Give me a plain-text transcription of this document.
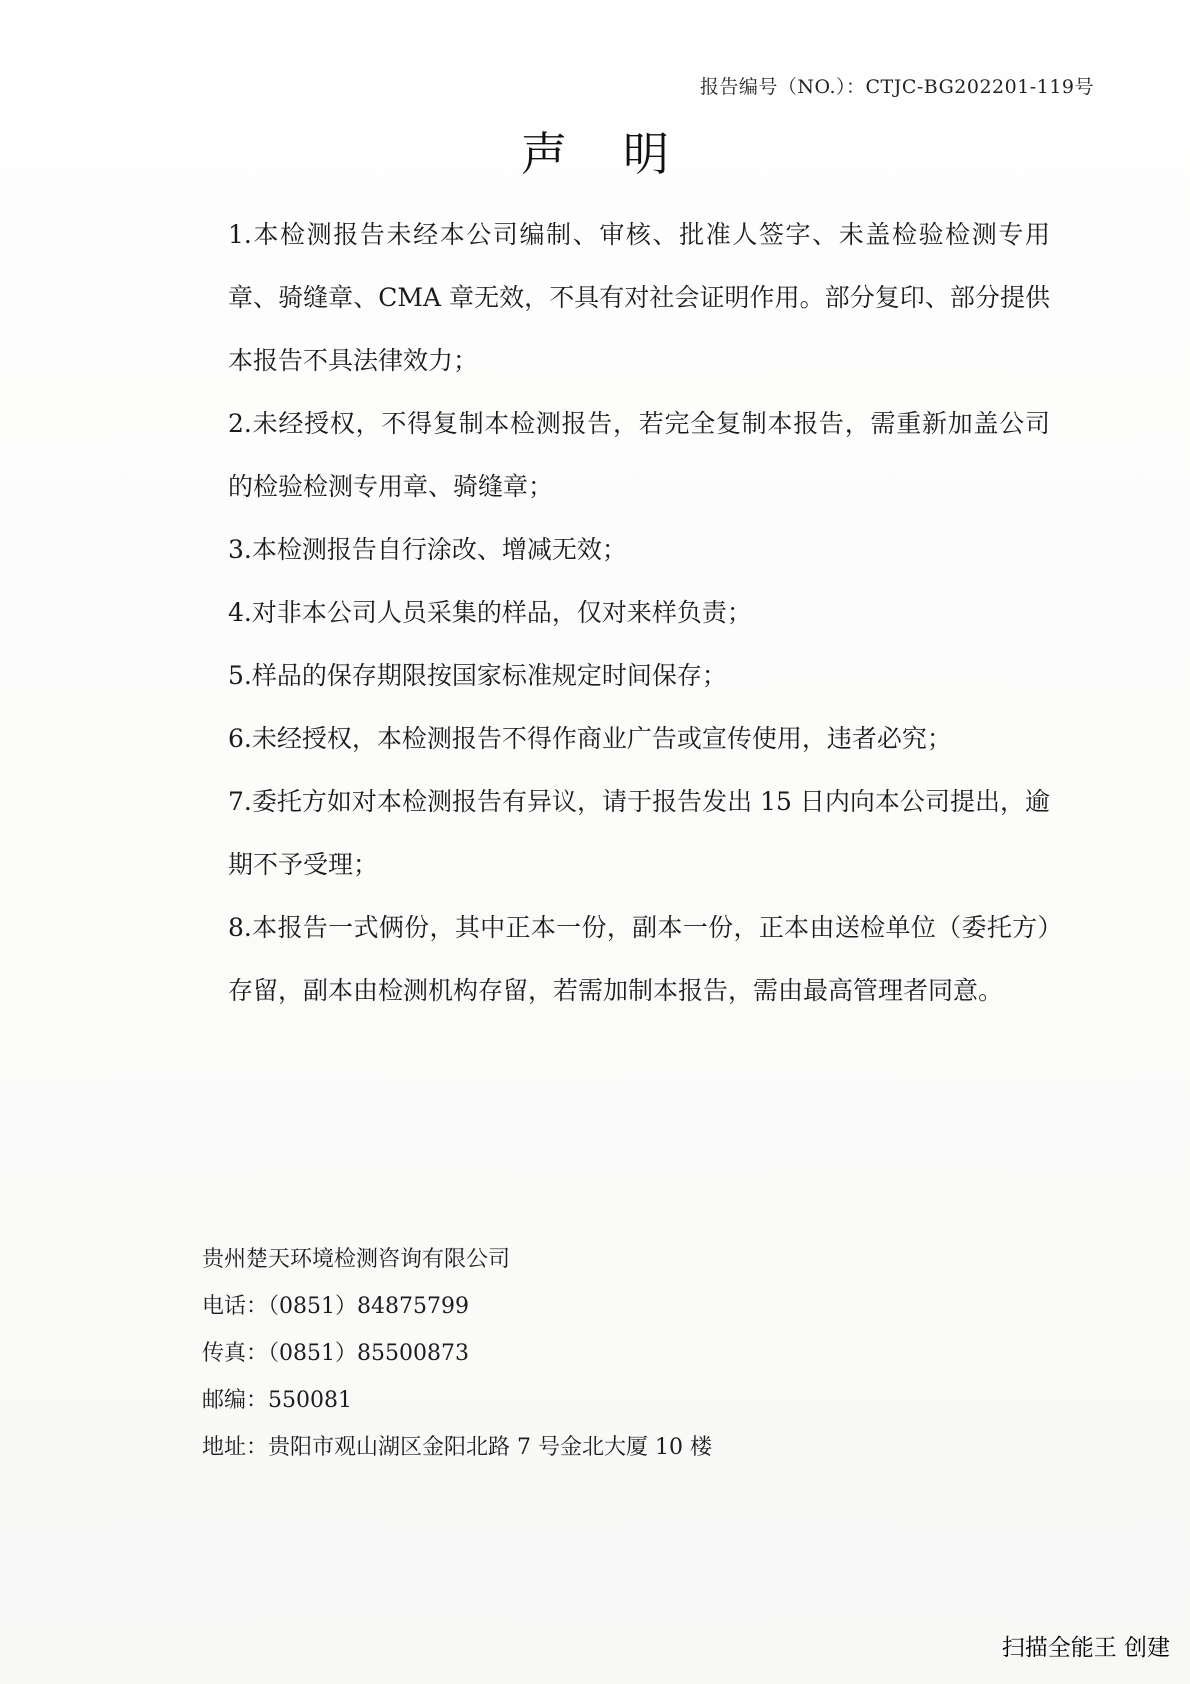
报告编号（NO.）：CTJC-BG202201-119号
声明
1.本检测报告未经本公司编制、审核、批准人签字、未盖检验检测专用章、骑缝章、CMA 章无效，不具有对社会证明作用。部分复印、部分提供本报告不具法律效力；
2.未经授权，不得复制本检测报告，若完全复制本报告，需重新加盖公司的检验检测专用章、骑缝章；
3.本检测报告自行涂改、增减无效；
4.对非本公司人员采集的样品，仅对来样负责；
5.样品的保存期限按国家标准规定时间保存；
6.未经授权，本检测报告不得作商业广告或宣传使用，违者必究；
7.委托方如对本检测报告有异议，请于报告发出 15 日内向本公司提出，逾期不予受理；
8.本报告一式俩份，其中正本一份，副本一份，正本由送检单位（委托方）存留，副本由检测机构存留，若需加制本报告，需由最高管理者同意。
贵州楚天环境检测咨询有限公司
电话：（0851）84875799
传真：（0851）85500873
邮编：550081
地址：贵阳市观山湖区金阳北路 7 号金北大厦 10 楼
扫描全能王 创建
